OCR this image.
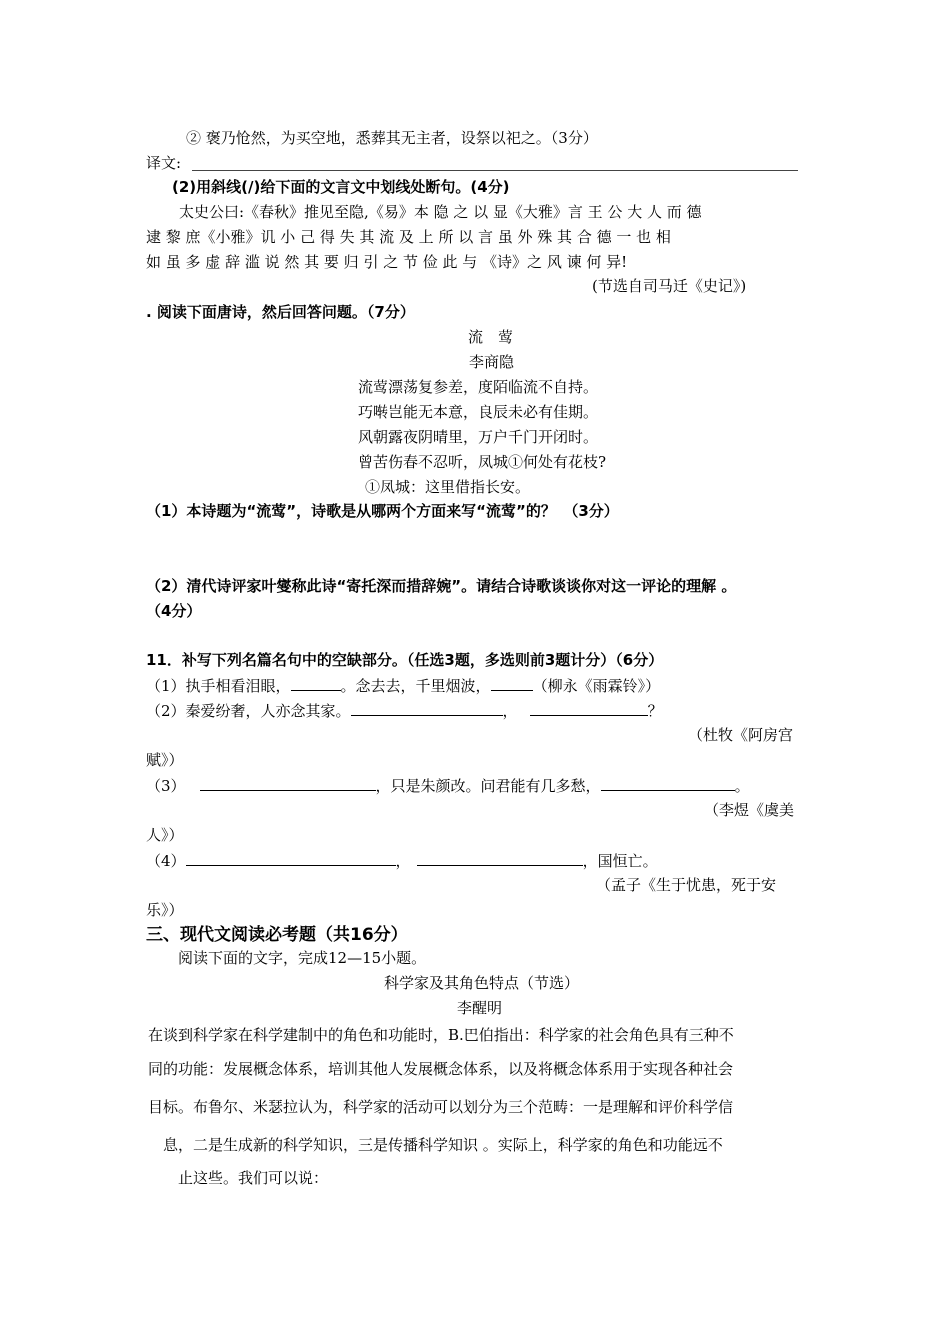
② 褒乃怆然，为买空地，悉葬其无主者，设祭以祀之。（3分）
译文:
(2)用斜线(/)给下面的文言文中划线处断句。(4分)
太史公曰:《春秋》推见至隐,《易》本 隐 之 以 显《大雅》言 王 公 大 人 而 德
逮 黎 庶《小雅》讥 小 己 得 失 其 流 及 上 所 以 言 虽 外 殊 其 合 德 一 也 相
如 虽 多 虚 辞 滥 说 然 其 要 归 引 之 节 俭 此 与 《诗》之 风 谏 何 异!
(节选自司马迁《史记》)
. 阅读下面唐诗，然后回答问题。（7分）
流　莺
李商隐
流莺漂荡复参差，度陌临流不自持。
巧啭岂能无本意，良辰未必有佳期。
风朝露夜阴晴里，万户千门开闭时。
曾苦伤春不忍听，凤城①何处有花枝?
①凤城：这里借指长安。
（1）本诗题为“流莺”，诗歌是从哪两个方面来写“流莺”的？　（3分）
（2）清代诗评家叶燮称此诗“寄托深而措辞婉”。请结合诗歌谈谈你对这一评论的理解 。
（4分）
11．补写下列名篇名句中的空缺部分。（任选3题，多选则前3题计分）（6分）
（1）执手相看泪眼，	。念去去，千里烟波，	（柳永《雨霖铃》）
（2）秦爱纷奢，人亦念其家。	，	？
（杜牧《阿房宫
赋》）
（3）	，只是朱颜改。问君能有几多愁，	。
（李煜《虞美
人》）
（4）	，	，国恒亡。
（孟子《生于忧患，死于安
乐》）
三、现代文阅读必考题（共16分）
阅读下面的文字，完成12—15小题。
科学家及其角色特点（节选）
李醒明
在谈到科学家在科学建制中的角色和功能时，B.巴伯指出：科学家的社会角色具有三种不
同的功能：发展概念体系，培训其他人发展概念体系，以及将概念体系用于实现各种社会
目标。布鲁尔、米瑟拉认为，科学家的活动可以划分为三个范畴：一是理解和评价科学信
息，二是生成新的科学知识，三是传播科学知识 。实际上，科学家的角色和功能远不
止这些。我们可以说：
